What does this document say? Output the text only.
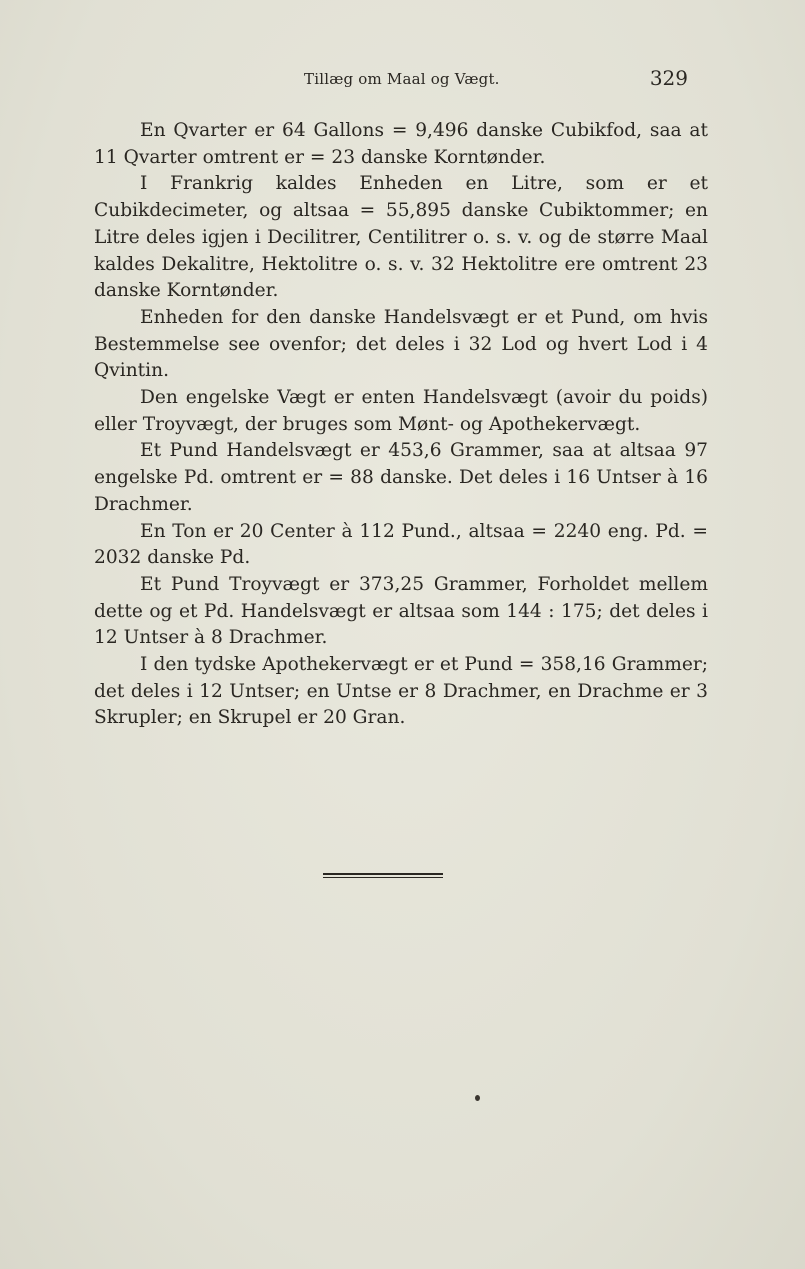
Tillæg om Maal og Vægt.	329

En Qvarter er 64 Gallons = 9,496 danske Cubikfod, saa at 11 Qvarter omtrent er = 23 danske Korntønder.

I Frankrig kaldes Enheden en Litre, som er et Cubikdecimeter, og altsaa = 55,895 danske Cubiktommer; en Litre deles igjen i Decilitrer, Centilitrer o. s. v. og de større Maal kaldes Dekalitre, Hektolitre o. s. v. 32 Hektolitre ere omtrent 23 danske Korntønder.

Enheden for den danske Handelsvægt er et Pund, om hvis Bestemmelse see ovenfor; det deles i 32 Lod og hvert Lod i 4 Qvintin.

Den engelske Vægt er enten Handelsvægt (avoir du poids) eller Troyvægt, der bruges som Mønt- og Apothekervægt.

Et Pund Handelsvægt er 453,6 Grammer, saa at altsaa 97 engelske Pd. omtrent er = 88 danske. Det deles i 16 Untser à 16 Drachmer.

En Ton er 20 Center à 112 Pund., altsaa = 2240 eng. Pd. = 2032 danske Pd.

Et Pund Troyvægt er 373,25 Grammer, Forholdet mellem dette og et Pd. Handelsvægt er altsaa som 144 : 175; det deles i 12 Untser à 8 Drachmer.

I den tydske Apothekervægt er et Pund = 358,16 Grammer; det deles i 12 Untser; en Untse er 8 Drachmer, en Drachme er 3 Skrupler; en Skrupel er 20 Gran.
